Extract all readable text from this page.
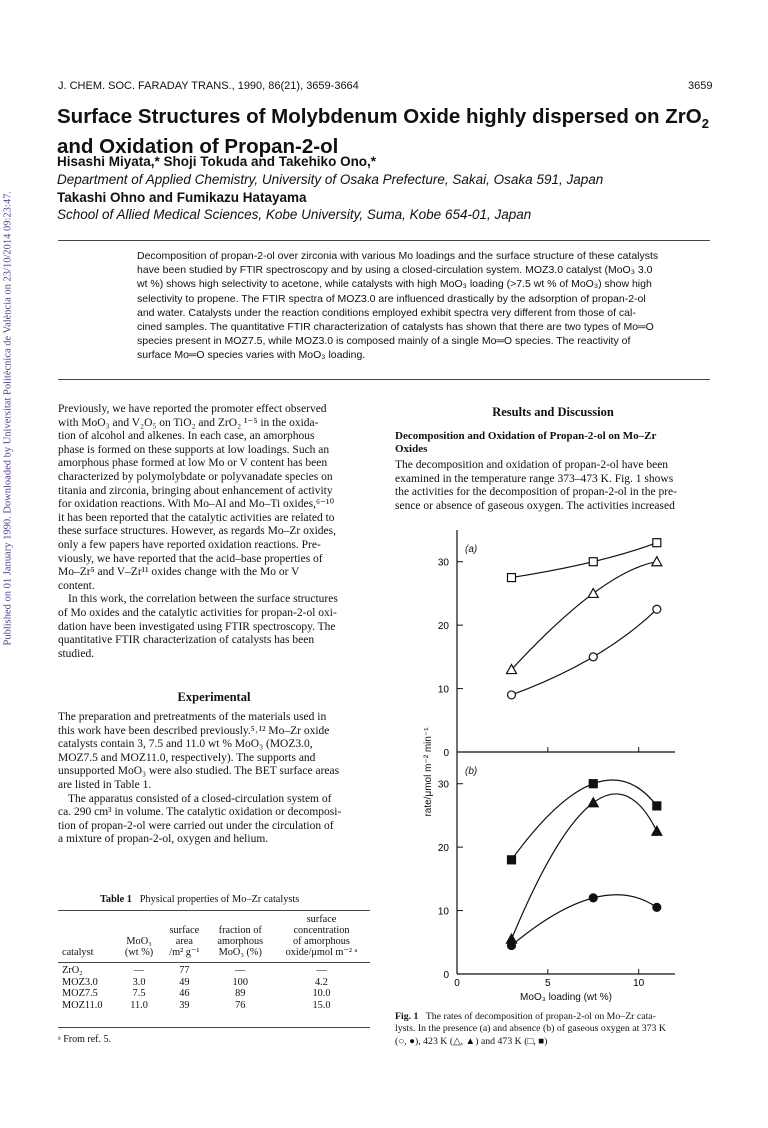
Published on 01 January 1990. Downloaded by Universitat Politècnica de València on 23/10/2014 09:23:47.
J. CHEM. SOC. FARADAY TRANS., 1990, 86(21), 3659-3664	3659
Surface Structures of Molybdenum Oxide highly dispersed on ZrO$_2$
and Oxidation of Propan-2-ol
Hisashi Miyata,* Shoji Tokuda and Takehiko Ono,*
Department of Applied Chemistry, University of Osaka Prefecture, Sakai, Osaka 591, Japan
Takashi Ohno and Fumikazu Hatayama
School of Allied Medical Sciences, Kobe University, Suma, Kobe 654-01, Japan
Decomposition of propan-2-ol over zirconia with various Mo loadings and the surface structure of these catalysts
have been studied by FTIR spectroscopy and by using a closed-circulation system. MOZ3.0 catalyst (MoO₃ 3.0
wt %) shows high selectivity to acetone, while catalysts with high MoO₃ loading (>7.5 wt % of MoO₃) show high
selectivity to propene. The FTIR spectra of MOZ3.0 are influenced drastically by the adsorption of propan-2-ol
and water. Catalysts under the reaction conditions employed exhibit spectra very different from those of cal-
cined samples. The quantitative FTIR characterization of catalysts has shown that there are two types of Mo═O
species present in MOZ7.5, while MOZ3.0 is composed mainly of a single Mo═O species. The reactivity of
surface Mo═O species varies with MoO₃ loading.
Previously, we have reported the promoter effect observed
with MoO₃ and V₂O₅ on TiO₂ and ZrO₂ ¹⁻⁵ in the oxida-
tion of alcohol and alkenes. In each case, an amorphous
phase is formed on these supports at low loadings. Such an
amorphous phase formed at low Mo or V content has been
characterized by polymolybdate or polyvanadate species on
titania and zirconia, bringing about enhancement of activity
for oxidation reactions. With Mo–Al and Mo–Ti oxides,⁶⁻¹⁰
it has been reported that the catalytic activities are related to
these surface structures. However, as regards Mo–Zr oxides,
only a few papers have reported oxidation reactions. Pre-
viously, we have reported that the acid–base properties of
Mo–Zr⁵ and V–Zr¹¹ oxides change with the Mo or V
content.
In this work, the correlation between the surface structures
of Mo oxides and the catalytic activities for propan-2-ol oxi-
dation have been investigated using FTIR spectroscopy. The
quantitative FTIR characterization of catalysts has been
studied.
Experimental
The preparation and pretreatments of the materials used in
this work have been described previously.⁵˒¹² Mo–Zr oxide
catalysts contain 3, 7.5 and 11.0 wt % MoO₃ (MOZ3.0,
MOZ7.5 and MOZ11.0, respectively). The supports and
unsupported MoO₃ were also studied. The BET surface areas
are listed in Table 1.
The apparatus consisted of a closed-circulation system of
ca. 290 cm³ in volume. The catalytic oxidation or decomposi-
tion of propan-2-ol were carried out under the circulation of
a mixture of propan-2-ol, oxygen and helium.
Table 1 Physical properties of Mo–Zr catalysts
				surface
		surface	fraction of	concentration
	MoO₃	area	amorphous	of amorphous
catalyst	(wt %)	/m² g⁻¹	MoO₃ (%)	oxide/μmol m⁻² ᵃ

ZrO₂	—	77	—	—
MOZ3.0	3.0	49	100	4.2
MOZ7.5	7.5	46	89	10.0
MOZ11.0	11.0	39	76	15.0
ᵃ From ref. 5.
Results and Discussion
Decomposition and Oxidation of Propan-2-ol on Mo–Zr
Oxides
The decomposition and oxidation of propan-2-ol have been
examined in the temperature range 373–473 K. Fig. 1 shows
the activities for the decomposition of propan-2-ol in the pre-
sence or absence of gaseous oxygen. The activities increased
rate/μmol m⁻² min⁻¹
MoO₃ loading (wt %)
(a)
(b)
0
10
20
30
0
10
20
30
0	5	10
Fig. 1 The rates of decomposition of propan-2-ol on Mo–Zr cata-
lysts. In the presence (a) and absence (b) of gaseous oxygen at 373 K
(○, ●), 423 K (△, ▲) and 473 K (□, ■)
